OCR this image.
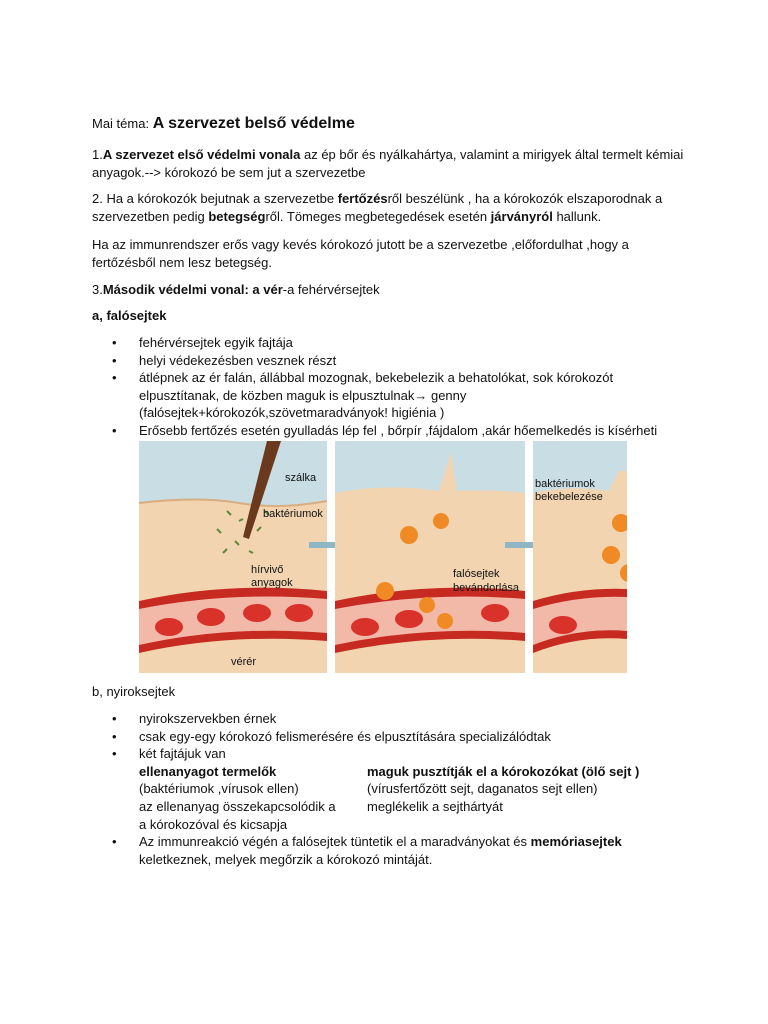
Mai téma: A szervezet belső védelme

1.A szervezet első védelmi vonala az ép bőr és nyálkahártya, valamint a mirigyek által termelt kémiai anyagok.--> kórokozó be sem jut a szervezetbe

2. Ha a kórokozók bejutnak a szervezetbe fertőzésről beszélünk , ha a kórokozók elszaporodnak a szervezetben pedig betegségről. Tömeges megbetegedések esetén járványról hallunk.

Ha az immunrendszer erős vagy kevés kórokozó jutott be a szervezetbe ,előfordulhat ,hogy a fertőzésből nem lesz betegség.

3.Második védelmi vonal: a vér-a fehérvérsejtek

a, falósejtek

• fehérvérsejtek egyik fajtája
• helyi védekezésben vesznek részt
• átlépnek az ér falán, állábbal mozognak, bekebelezik a behatolókat, sok kórokozót elpusztítanak, de közben maguk is elpusztulnak→ genny
(falósejtek+kórokozók,szövetmaradványok! higiénia )
• Erősebb fertőzés esetén gyulladás lép fel , bőrpír ,fájdalom ,akár hőemelkedés is kísérheti
szálka
baktériumok
hírvivő
anyagok
vérér
falósejtek
bevándorlása
baktériumok
bekebelezése

b, nyiroksejtek

• nyirokszervekben érnek
• csak egy-egy kórokozó felismerésére és elpusztítására specializálódtak
• két fajtájuk van
ellenanyagot termelők
(baktériumok ,vírusok ellen)
az ellenanyag összekapcsolódik a
a kórokozóval és kicsapja
maguk pusztítják el a kórokozókat (ölő sejt )
(vírusfertőzött sejt, daganatos sejt ellen)
meglékelik a sejthártyát
• Az immunreakció végén a falósejtek tüntetik el a maradványokat és memóriasejtek keletkeznek, melyek megőrzik a kórokozó mintáját.
